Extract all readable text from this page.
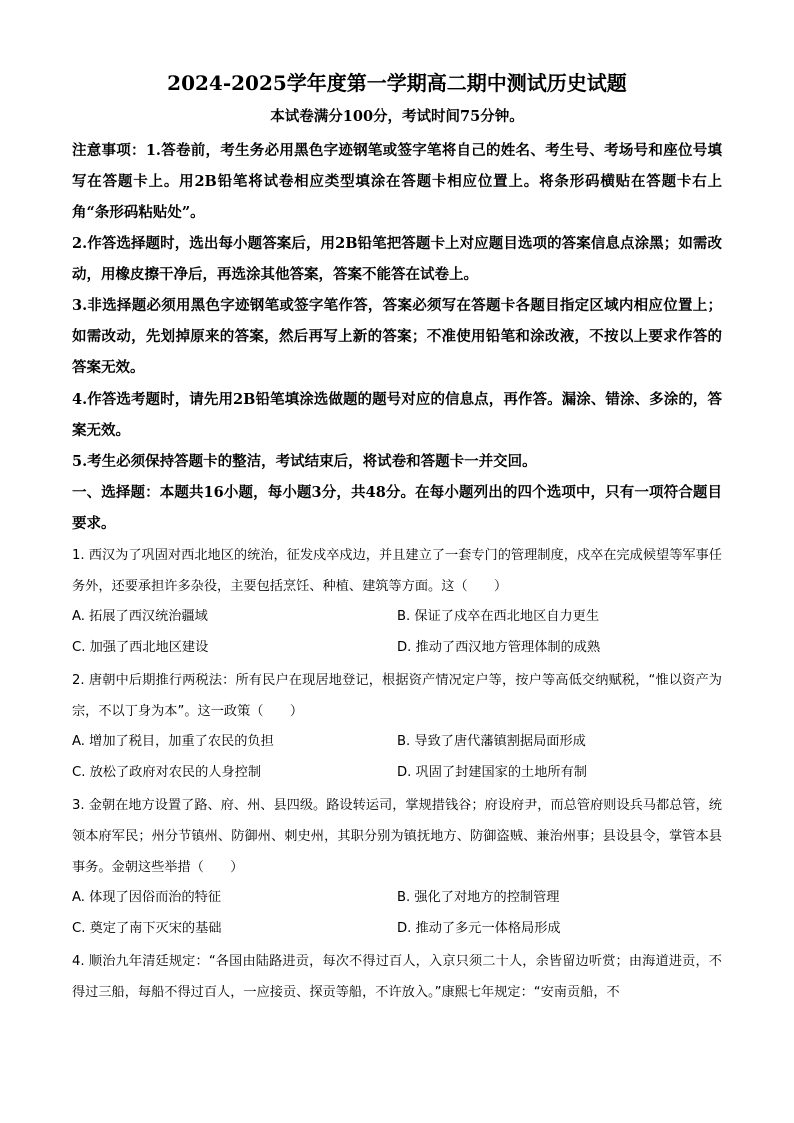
2024-2025学年度第一学期高二期中测试历史试题
本试卷满分100分，考试时间75分钟。

注意事项：1.答卷前，考生务必用黑色字迹钢笔或签字笔将自己的姓名、考生号、考场号和座位号填写在答题卡上。用2B铅笔将试卷相应类型填涂在答题卡相应位置上。将条形码横贴在答题卡右上角“条形码粘贴处”。

2.作答选择题时，选出每小题答案后，用2B铅笔把答题卡上对应题目选项的答案信息点涂黑；如需改动，用橡皮擦干净后，再选涂其他答案，答案不能答在试卷上。

3.非选择题必须用黑色字迹钢笔或签字笔作答，答案必须写在答题卡各题目指定区域内相应位置上；如需改动，先划掉原来的答案，然后再写上新的答案；不准使用铅笔和涂改液，不按以上要求作答的答案无效。

4.作答选考题时，请先用2B铅笔填涂选做题的题号对应的信息点，再作答。漏涂、错涂、多涂的，答案无效。

5.考生必须保持答题卡的整洁，考试结束后，将试卷和答题卡一并交回。

一、选择题：本题共16小题，每小题3分，共48分。在每小题列出的四个选项中，只有一项符合题目要求。

1. 西汉为了巩固对西北地区的统治，征发戍卒戍边，并且建立了一套专门的管理制度，戍卒在完成候望等军事任务外，还要承担许多杂役，主要包括烹饪、种植、建筑等方面。这（　　）

A. 拓展了西汉统治疆域	B. 保证了戍卒在西北地区自力更生
C. 加强了西北地区建设	D. 推动了西汉地方管理体制的成熟

2. 唐朝中后期推行两税法：所有民户在现居地登记，根据资产情况定户等，按户等高低交纳赋税，“惟以资产为宗，不以丁身为本”。这一政策（　　）

A. 增加了税目，加重了农民的负担	B. 导致了唐代藩镇割据局面形成
C. 放松了政府对农民的人身控制	D. 巩固了封建国家的土地所有制

3. 金朝在地方设置了路、府、州、县四级。路设转运司，掌规措钱谷；府设府尹，而总管府则设兵马都总管，统领本府军民；州分节镇州、防御州、刺史州，其职分别为镇抚地方、防御盗贼、兼治州事；县设县令，掌管本县事务。金朝这些举措（　　）

A. 体现了因俗而治的特征	B. 强化了对地方的控制管理
C. 奠定了南下灭宋的基础	D. 推动了多元一体格局形成

4. 顺治九年清廷规定：“各国由陆路进贡，每次不得过百人，入京只须二十人，余皆留边听赏；由海道进贡，不得过三船，每船不得过百人，一应接贡、探贡等船，不许放入。”康熙七年规定：“安南贡船，不
